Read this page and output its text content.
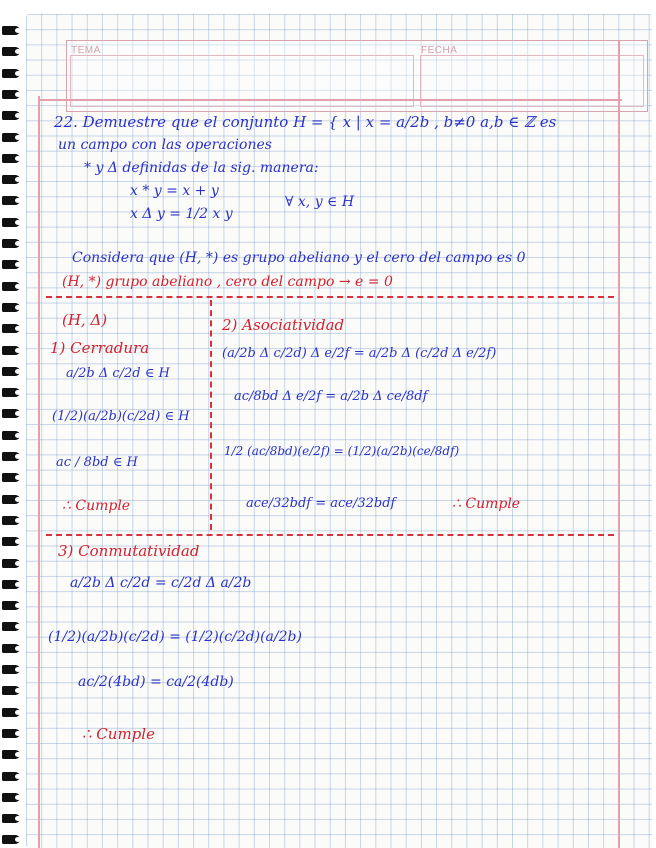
TEMA	FECHA
22. Demuestre que el conjunto H = { x | x = a/2b , b≠0 a,b ∈ ℤ es
un campo con las operaciones
* y Δ definidas de la sig. manera:
x * y = x + y
x Δ y = 1/2 x y
∀ x, y ∈ H
Considera que (H, *) es grupo abeliano y el cero del campo es 0
(H, *) grupo abeliano , cero del campo → e = 0
(H, Δ)
1) Cerradura
a/2b Δ c/2d ∈ H
(1/2)(a/2b)(c/2d) ∈ H
ac / 8bd ∈ H
∴ Cumple
2) Asociatividad
(a/2b Δ c/2d) Δ e/2f = a/2b Δ (c/2d Δ e/2f)
ac/8bd Δ e/2f = a/2b Δ ce/8df
1/2 (ac/8bd)(e/2f) = (1/2)(a/2b)(ce/8df)
ace/32bdf = ace/32bdf	∴ Cumple
3) Conmutatividad
a/2b Δ c/2d = c/2d Δ a/2b
(1/2)(a/2b)(c/2d) = (1/2)(c/2d)(a/2b)
ac/2(4bd) = ca/2(4db)
∴ Cumple
